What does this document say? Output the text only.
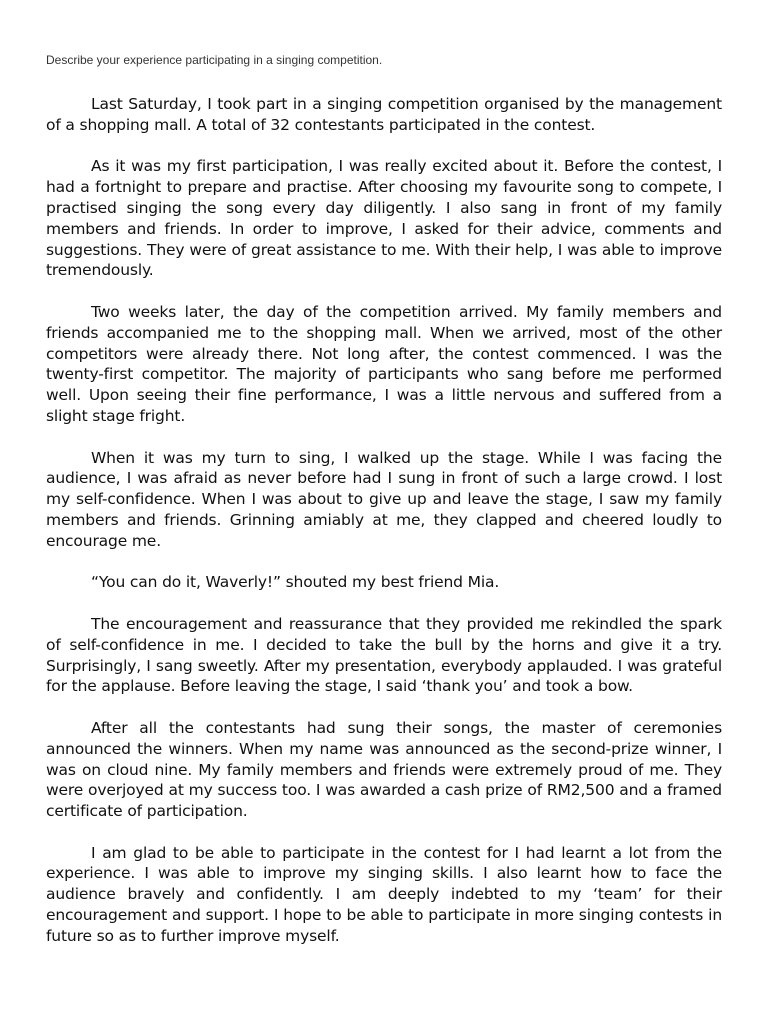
Describe your experience participating in a singing competition.

Last Saturday, I took part in a singing competition organised by the management of a shopping mall. A total of 32 contestants participated in the contest.

As it was my first participation, I was really excited about it. Before the contest, I had a fortnight to prepare and practise. After choosing my favourite song to compete, I practised singing the song every day diligently. I also sang in front of my family members and friends. In order to improve, I asked for their advice, comments and suggestions. They were of great assistance to me. With their help, I was able to improve tremendously.

Two weeks later, the day of the competition arrived. My family members and friends accompanied me to the shopping mall. When we arrived, most of the other competitors were already there. Not long after, the contest commenced. I was the twenty-first competitor. The majority of participants who sang before me performed well. Upon seeing their fine performance, I was a little nervous and suffered from a slight stage fright.

When it was my turn to sing, I walked up the stage. While I was facing the audience, I was afraid as never before had I sung in front of such a large crowd. I lost my self-confidence. When I was about to give up and leave the stage, I saw my family members and friends. Grinning amiably at me, they clapped and cheered loudly to encourage me.

“You can do it, Waverly!” shouted my best friend Mia.

The encouragement and reassurance that they provided me rekindled the spark of self-confidence in me. I decided to take the bull by the horns and give it a try. Surprisingly, I sang sweetly. After my presentation, everybody applauded. I was grateful for the applause. Before leaving the stage, I said ‘thank you’ and took a bow.

After all the contestants had sung their songs, the master of ceremonies announced the winners. When my name was announced as the second-prize winner, I was on cloud nine. My family members and friends were extremely proud of me. They were overjoyed at my success too. I was awarded a cash prize of RM2,500 and a framed certificate of participation.

I am glad to be able to participate in the contest for I had learnt a lot from the experience. I was able to improve my singing skills. I also learnt how to face the audience bravely and confidently. I am deeply indebted to my ‘team’ for their encouragement and support. I hope to be able to participate in more singing contests in future so as to further improve myself.
